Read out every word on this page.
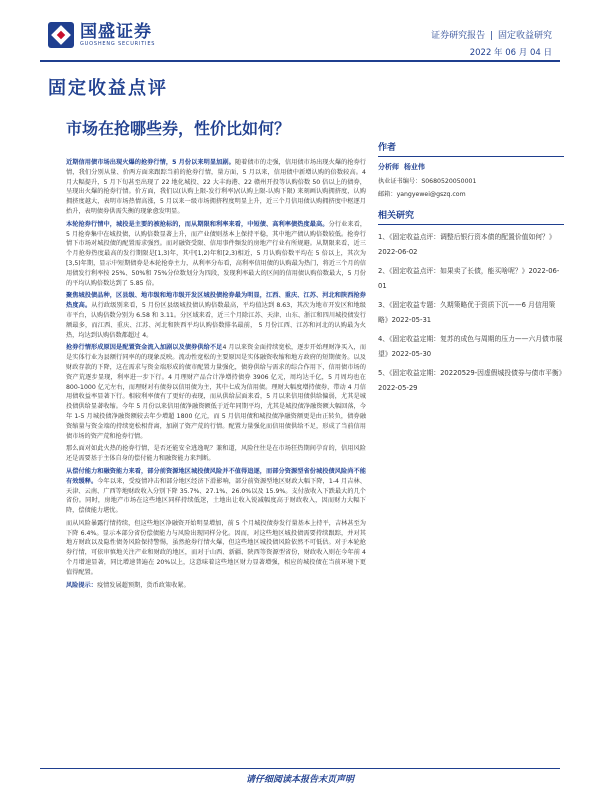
国盛证券
GUOSHENG SECURITIES
证券研究报告 | 固定收益研究
2022 年 06 月 04 日
固定收益点评
市场在抢哪些券，性价比如何？

近期信用债市场出现火爆的抢券行情，5 月份以来明显加剧。随着债市的走强，信用债市场出现火爆的抢券行情，我们分别从量、价两方面来跟踪当前的抢券行情，量方面，5 月以来，信用债中新增认购的倍数较高。4 月大幅提升，5 月下旬甚至出现了 22 地化城投、22 大丰海港、22 赣州开投等认购倍数 50 倍以上的债券，呈现出火爆的抢券行情。价方面，我们以(认购上限-发行利率)/(认购上限-认购下限) 来刻画认购拥挤度，认购拥挤度越大，表明市场热情高涨，5 月以来一级市场拥挤程度明显上升，近三个月信用债认购拥挤度中枢逐月抬升，表明债券供需失衡的现象愈发明显。

本轮抢券行情中，城投是主要的被抢标的，而从期限和利率来看，中短债、高利率债热度最高。分行业来看，5 月抢券集中在城投债，认购倍数显著上升，而产业债则基本上保持平稳，其中地产债认购倍数较低。抢券行情下市场对城投债的配置需求强烈。而对融资受限、信用事件频发的房地产行业有所规避。从期限来看，近三个月抢券热度最高的发行期限是[1,3)年，其中[1,2)年和[2,3)相近，5 月认购倍数平均在 5 倍以上，其次为[3,5)年期，显示中短期债券是本轮抢券主力，从利率分布看，高利率信用债的认购最为热门，将近三个月的信用债发行利率按 25%、50%和 75%分位数划分为四段，发现利率最大的区间的信用债认购倍数最大，5 月份的平均认购倍数达到了 5.85 倍。

聚焦城投债品种，区县级、地市级和地市级开发区城投债抢券最为明显，江西、重庆、江苏、河北和陕西抢券热度高。从行政级别来看，5 月份区县级城投债认购倍数最高，平均值达到 8.63，其次为地市开发区和地级市平台，认购倍数分别为 6.58 和 3.11。分区域来看，近三个月除江苏、天津、山东、浙江和四川城投债发行额最多，而江西、重庆、江苏、河北和陕西平均认购倍数排名最前， 5 月份江西、江苏和河北的认购最为火热，均达到认购倍数都超过 4。

抢券行情形成原因是配置资金流入加剧以及债券供给不足4 月以来资金面持续宽松，逐步开始理财净买入，而是实体行业为县额行同率的的现象反映。流动性宽松的主要原因是实体融资收缩和地方政府的短期债务。以及财政存款的下降，这在需求与资金端形成的债市配置力量强化，债券供给与需求的综合作用下，信用债市场的资产荒逐步显现，利率进一步下行。4 月理财产品合计净增持债券 3906 亿元，周均达千亿，5 月周均也在 800-1000 亿元左右，而理财对有债券以信用债为主，其中七成为信用债。理财大幅度增持债券，带动 4 月信用债收益率显著下行。相较利率债有了更好的表现，而从供给层面来看，5 月以来信用债供给偏弱，尤其是城投债供给显著收缩。今年 5 月份以来信用债净融资额低于近年同期平均，尤其是城投债净融资额大幅回落，今年 1-5 月城投债净融资额较去年少增超 1800 亿元，而 5 月信用债和城投债净融资额更是由正转负，债券融资缩量与资金端的持续宽松相背离，加剧了资产荒的行情。配置力量强化而信用债供给不足，形成了当前信用债市场的资产荒和抢券行情。

那么面对如此火热的抢券行情，是否还能安全逃逸呢？兼和道，风险往往是在市场狂热期间孕育的，信用风险还是需要基于主体自身的偿付能力和融资能力来判断。

从偿付能力和融资能力来看，部分前资源地区城投债风险并不值得追逐，而部分资源型省份城投债风险尚不能有效缓释。今年以来，受疫情冲击和部分地区经济下滑影响，部分前资源型地区财政大幅下降，1-4 月吉林、天津、云南、广西等地财政收入分别下降 35.7%、27.1%、26.0%以及 15.9%。支付放收入下跌最大的几个省份。同时，房地产市场在这些地区同样持续低迷，土地出让收入锐减幅度高于财政收入，因而财力大幅下降，偿债能力堪忧。

而从风险暴露行情持续，但这些地区净融资开始明显增加，前 5 个月城投债券发行量基本上持平，吉林甚至为下降 6.4%。显示本部分省份偿债能力与风险出现同样分化。因而，对这些地区城投债需要持续跟踪，并对其地方财政以及隐性债务风险保持警惕，虽然抢券行情火爆，但这些地区城投债风险依然不可低估。对于本轮抢券行情，可依审慎地关注产业和财政的地区，而对于山西、新疆、陕西等资源型省份，财政收入则在今年前 4 个月增速显著，同比增速普遍在 20%以上，这意味着这些地区财力显著增强，相应的城投债在当前环境下更值得配置。

风险提示：疫情发展超预期，货币政策收紧。

作者
分析师 杨业伟
执业证书编号：S0680520050001
邮箱：yangyewei@gszq.com
相关研究
1、《固定收益点评：调整后银行资本债的配置价值如何？》2022-06-02
2、《固定收益点评：如果卖了长债，能买啥呢？》2022-06-01
3、《固定收益专题：久期策略优于资质下沉——6 月信用策略》2022-05-31
4、《固定收益定期：复苏的成色与周期的压力——六月债市展望》2022-05-30
5、《固定收益定期：20220529-因虚假城投债券与债市平衡》2022-05-29
请仔细阅读本报告末页声明
